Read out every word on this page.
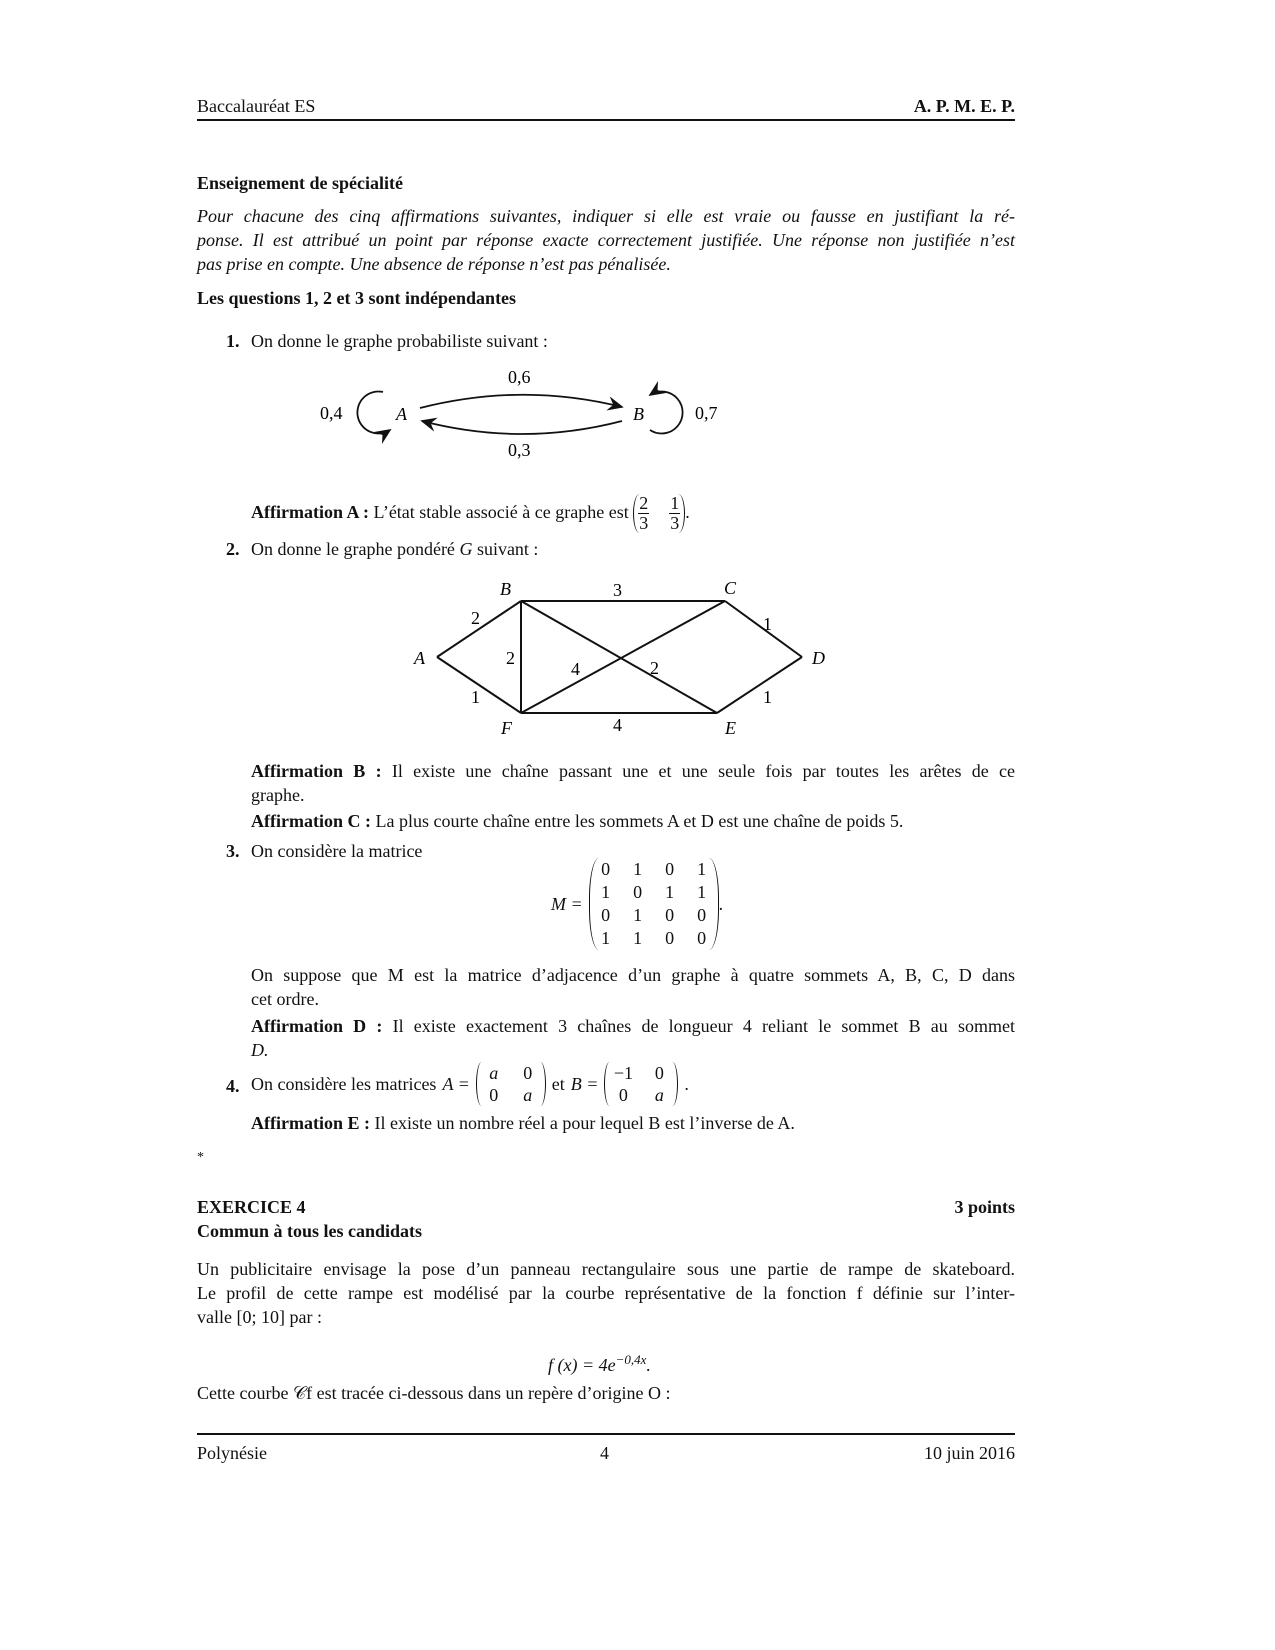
Baccalauréat ES	A. P. M. E. P.
Enseignement de spécialité
Pour chacune des cinq affirmations suivantes, indiquer si elle est vraie ou fausse en justifiant la ré-
ponse. Il est attribué un point par réponse exacte correctement justifiée. Une réponse non justifiée n’est
pas prise en compte. Une absence de réponse n’est pas pénalisée.
Les questions 1, 2 et 3 sont indépendantes
1. On donne le graphe probabiliste suivant :
A	B
0,6
0,3
0,4	0,7
Affirmation A : L’état stable associé à ce graphe est $\frac{2}{3} \frac{1}{3}$ .
2. On donne le graphe pondéré G suivant :
A
B	C
D
E
F
2
3
1
2
4	2
1
4
1
Affirmation B : Il existe une chaîne passant une et une seule fois par toutes les arêtes de ce
graphe.
Affirmation C : La plus courte chaîne entre les sommets A et D est une chaîne de poids 5.
3. On considère la matrice
M =
0	1	0	1
1	0	1	1
0	1	0	0
1	1	0	0
.
On suppose que M est la matrice d’adjacence d’un graphe à quatre sommets A, B, C, D dans
cet ordre.
Affirmation D : Il existe exactement 3 chaînes de longueur 4 reliant le sommet B au sommet
D.
4. On considère les matrices A =
a	0
0	a
et B =
−1	0
0	a
.
Affirmation E : Il existe un nombre réel a pour lequel B est l’inverse de A.
*
EXERCICE 4	3 points
Commun à tous les candidats
Un publicitaire envisage la pose d’un panneau rectangulaire sous une partie de rampe de skateboard.
Le profil de cette rampe est modélisé par la courbe représentative de la fonction f définie sur l’inter-
valle [0; 10] par :
f $(x) = 4e^{-0,4x}$.
Cette courbe 𝒞f est tracée ci-dessous dans un repère d’origine O :
Polynésie	4	10 juin 2016
